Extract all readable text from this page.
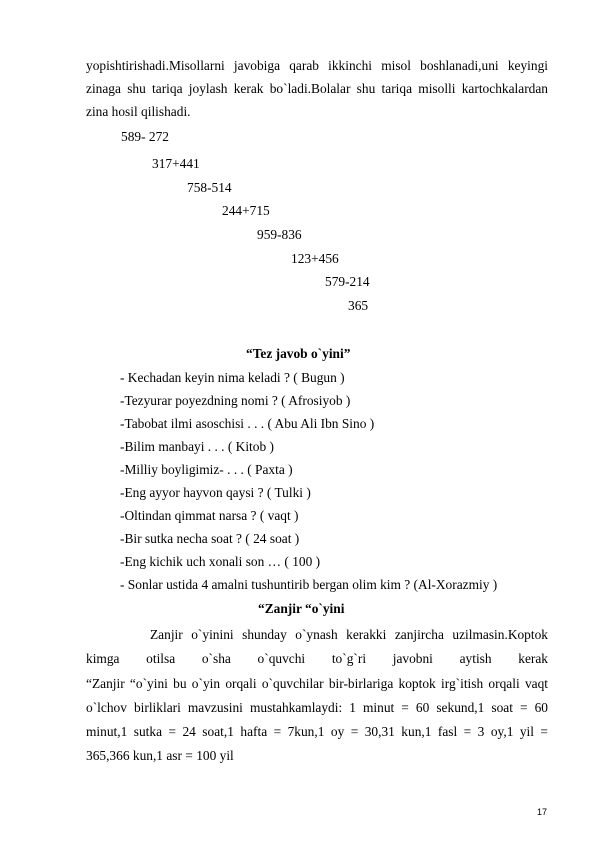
yopishtirishadi.Misollarni javobiga qarab ikkinchi misol boshlanadi,uni keyingi
zinaga shu tariqa joylash kerak bo`ladi.Bolalar shu tariqa misolli kartochkalardan
zina hosil qilishadi.
589- 272
317+441
758-514
244+715
959-836
123+456
579-214
365
“Tez javob o`yini”
- Kechadan keyin nima keladi ? ( Bugun )
-Tezyurar poyezdning nomi ? ( Afrosiyob )
-Tabobat ilmi asoschisi . . . ( Abu Ali Ibn Sino )
-Bilim manbayi . . . ( Kitob )
-Milliy boyligimiz- . . . ( Paxta )
-Eng ayyor hayvon qaysi ? ( Tulki )
-Oltindan qimmat narsa ? ( vaqt )
-Bir sutka necha soat ? ( 24 soat )
-Eng kichik uch xonali son … ( 100 )
- Sonlar ustida 4 amalni tushuntirib bergan olim kim ? (Al-Xorazmiy )
“Zanjir “o`yini
Zanjir o`yinini shunday o`ynash kerakki zanjircha uzilmasin.Koptok
kimga otilsa o`sha o`quvchi to`g`ri javobni aytish kerak
“Zanjir “o`yini bu o`yin orqali o`quvchilar bir-birlariga koptok irg`itish orqali vaqt
o`lchov birliklari mavzusini mustahkamlaydi: 1 minut = 60 sekund,1 soat = 60
minut,1 sutka = 24 soat,1 hafta = 7kun,1 oy = 30,31 kun,1 fasl = 3 oy,1 yil =
365,366 kun,1 asr = 100 yil
17
